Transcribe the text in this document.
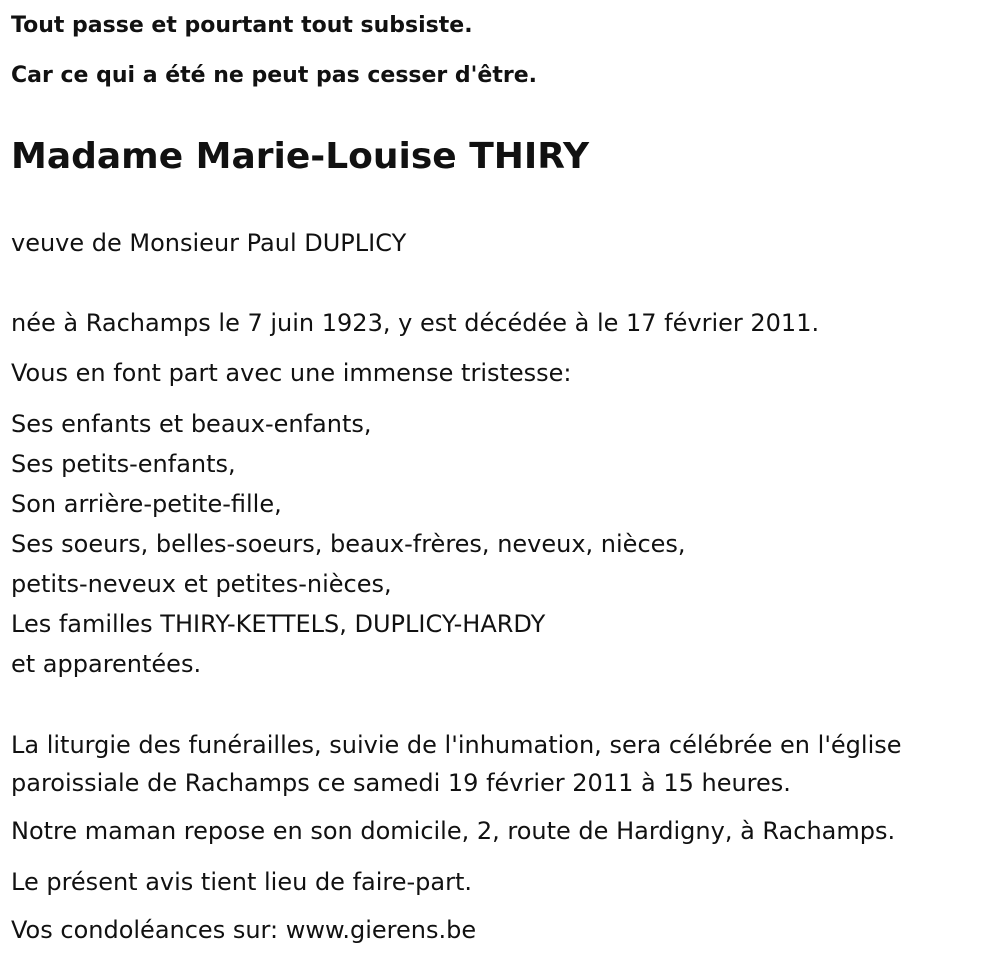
Tout passe et pourtant tout subsiste.
Car ce qui a été ne peut pas cesser d'être.
Madame Marie-Louise THIRY
veuve de Monsieur Paul DUPLICY
née à Rachamps le 7 juin 1923, y est décédée à le 17 février 2011.
Vous en font part avec une immense tristesse:
Ses enfants et beaux-enfants,
Ses petits-enfants,
Son arrière-petite-fille,
Ses soeurs, belles-soeurs, beaux-frères, neveux, nièces,
petits-neveux et petites-nièces,
Les familles THIRY-KETTELS, DUPLICY-HARDY
et apparentées.
La liturgie des funérailles, suivie de l'inhumation, sera célébrée en l'église
paroissiale de Rachamps ce samedi 19 février 2011 à 15 heures.
Notre maman repose en son domicile, 2, route de Hardigny, à Rachamps.
Le présent avis tient lieu de faire-part.
Vos condoléances sur: www.gierens.be
